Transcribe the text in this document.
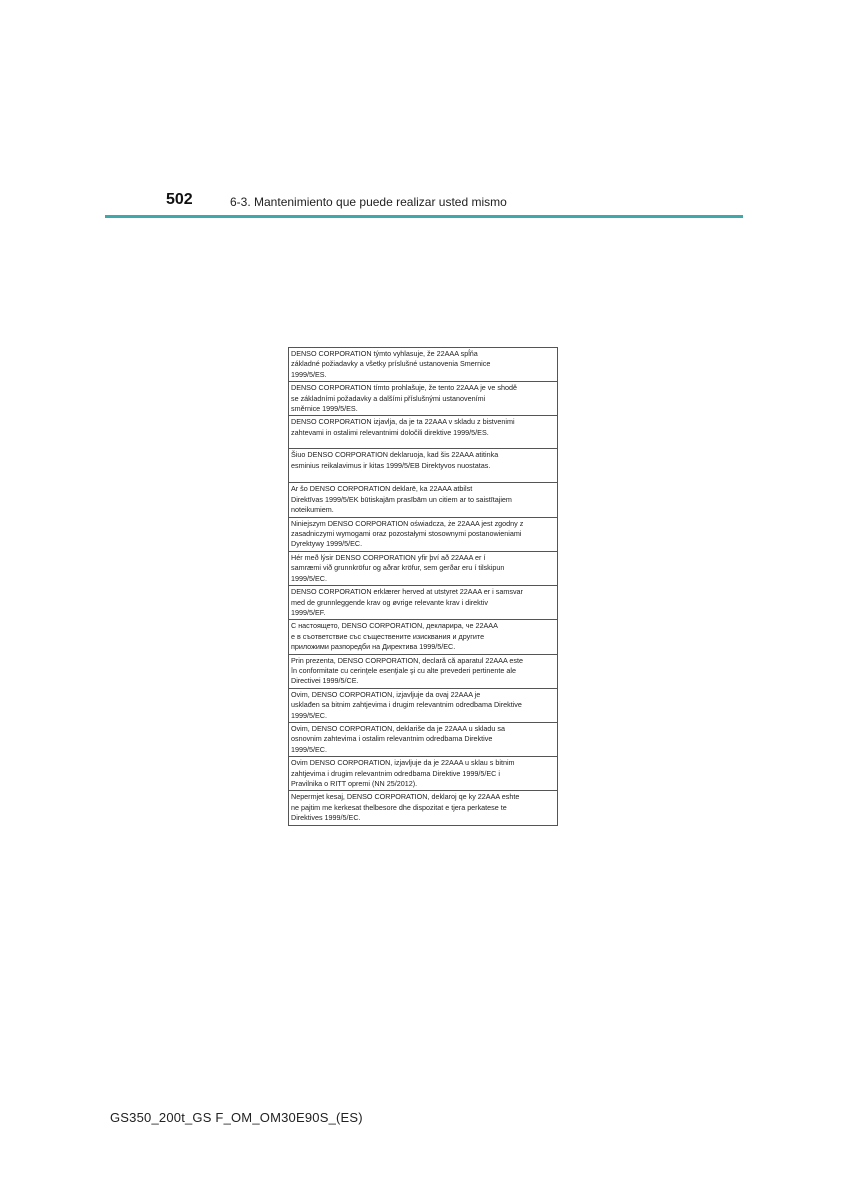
502	6-3. Mantenimiento que puede realizar usted mismo
DENSO CORPORATION týmto vyhlasuje, že 22AAA spĺňa
základné požiadavky a všetky príslušné ustanovenia Smernice
1999/5/ES.
DENSO CORPORATION tímto prohlašuje, že tento 22AAA je ve shodě
se základními požadavky a dalšími příslušnými ustanoveními
směrnice 1999/5/ES.
DENSO CORPORATION izjavlja, da je ta 22AAA v skladu z bistvenimi
zahtevami in ostalimi relevantnimi določili direktive 1999/5/ES.
Šiuo DENSO CORPORATION deklaruoja, kad šis 22AAA atitinka
esminius reikalavimus ir kitas 1999/5/EB Direktyvos nuostatas.
Ar šo DENSO CORPORATION deklarē, ka 22AAA atbilst
Direktīvas 1999/5/EK būtiskajām prasībām un citiem ar to saistītajiem
noteikumiem.
Niniejszym DENSO CORPORATION oświadcza, że 22AAA jest zgodny z
zasadniczymi wymogami oraz pozostałymi stosownymi postanowieniami
Dyrektywy 1999/5/EC.
Hér með lýsir DENSO CORPORATION yfir því að 22AAA er í
samræmi við grunnkröfur og aðrar kröfur, sem gerðar eru í tilskipun
1999/5/EC.
DENSO CORPORATION erklærer herved at utstyret 22AAA er i samsvar
med de grunnleggende krav og øvrige relevante krav i direktiv
1999/5/EF.
С настоящето, DENSO CORPORATION, декларира, че 22AAA
е в съответствие със съществените изисквания и другите
приложими разпоредби на Директива 1999/5/ЕС.
Prin prezenta, DENSO CORPORATION, declară că aparatul 22AAA este
în conformitate cu cerinţele esenţiale şi cu alte prevederi pertinente ale
Directivei 1999/5/CE.
Ovim, DENSO CORPORATION, izjavljuje da ovaj 22AAA je
usklađen sa bitnim zahtjevima i drugim relevantnim odredbama Direktive
1999/5/EC.
Ovim, DENSO CORPORATION, deklariše da je 22AAA u skladu sa
osnovnim zahtevima i ostalim relevantnim odredbama Direktive
1999/5/EC.
Ovim DENSO CORPORATION, izjavljuje da je 22AAA u sklau s bitnim
zahtjevima i drugim relevantnim odredbama Direktive 1999/5/EC i
Pravilnika o RITT opremi (NN 25/2012).
Nepermjet kesaj, DENSO CORPORATION, deklaroj qe ky 22AAA eshte
ne pajtim me kerkesat thelbesore dhe dispozitat e tjera perkatese te
Direktives 1999/5/EC.
GS350_200t_GS F_OM_OM30E90S_(ES)
